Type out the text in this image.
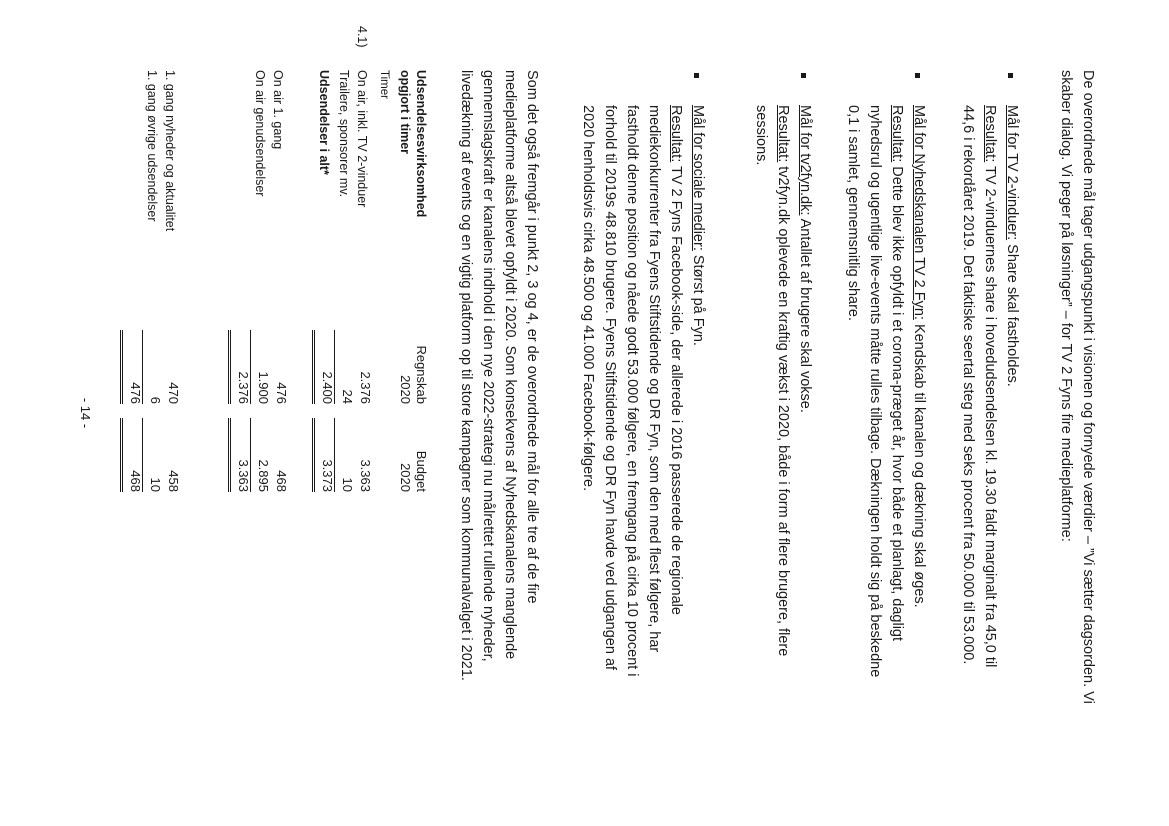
De overordnede mål tager udgangspunkt i visionen og fornyede værdier – ”Vi sætter dagsorden. Vi
skaber dialog. Vi peger på løsninger” – for TV 2 Fyns fire medieplatforme:
Mål for TV 2-vinduer: Share skal fastholdes.
Resultat: TV 2-vinduernes share i hovedudsendelsen kl. 19.30 faldt marginalt fra 45,0 til
44,6 i rekordåret 2019. Det faktiske seertal steg med seks procent fra 50.000 til 53.000.
Mål for Nyhedskanalen TV 2 Fyn: Kendskab til kanalen og dækning skal øges.
Resultat: Dette blev ikke opfyldt i et corona-præget år, hvor både et planlagt, dagligt
nyhedsrul og ugentlige live-events måtte rulles tilbage. Dækningen holdt sig på beskedne
0,1 i samlet, gennemsnitlig share.
Mål for tv2fyn.dk: Antallet af brugere skal vokse.
Resultat: tv2fyn.dk oplevede en kraftig vækst i 2020, både i form af flere brugere, flere
sessions.
Mål for sociale medier: Størst på Fyn.
Resultat: TV 2 Fyns Facebook-side, der allerede i 2016 passerede de regionale
mediekonkurrenter fra Fyens Stiftstidende og DR Fyn, som den med flest følgere, har
fastholdt denne position og nåede godt 53.000 følgere, en fremgang på cirka 10 procent i
forhold til 2019s 48.810 brugere. Fyens Stiftstidende og DR Fyn havde ved udgangen af
2020 henholdsvis cirka 48.500 og 41.000 Facebook-følgere.
Som det også fremgår i punkt 2, 3 og 4, er de overordnede mål for alle tre af de fire
medieplatforme altså blevet opfyldt i 2020. Som konsekvens af Nyhedskanalens manglende
gennemslagskraft er kanalens indhold i den nye 2022-strategi nu målrettet rullende nyheder,
livedækning af events og en vigtig platform op til store kampagner som kommunalvalget i 2021.
Udsendelsesvirksomhed
opgjort i timer
Timer
Regnskab
2020
Budget
2020
4.1)
On air, inkl. TV 2-vinduer
2.376
3.363
Trailere, sponsorer mv.
24
10
Udsendelser i alt*
2.400
3.373
On air 1. gang
476
468
On air genudsendelser
1.900
2.895
2.376
3.363
1. gang nyheder og aktualitet
470
458
1. gang øvrige udsendelser
6
10
476
468
- 14 -
